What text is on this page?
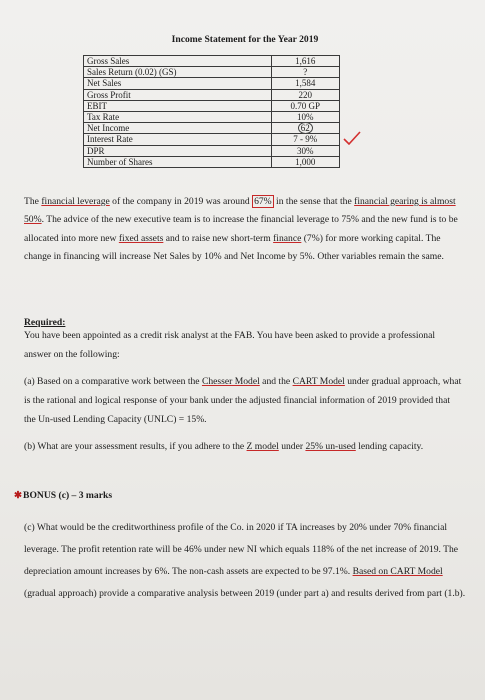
Income Statement for the Year 2019
Gross Sales	1,616
Sales Return (0.02) (GS)	?
Net Sales	1,584
Gross Profit	220
EBIT	0.70 GP
Tax Rate	10%
Net Income	62
Interest Rate	7 - 9%
DPR	30%
Number of Shares	1,000

The financial leverage of the company in 2019 was around 67% in the sense that the financial gearing is almost 50%. The advice of the new executive team is to increase the financial leverage to 75% and the new fund is to be allocated into more new fixed assets and to raise new short-term finance (7%) for more working capital. The change in financing will increase Net Sales by 10% and Net Income by 5%. Other variables remain the same.

Required:

You have been appointed as a credit risk analyst at the FAB. You have been asked to provide a professional answer on the following:

(a) Based on a comparative work between the Chesser Model and the CART Model under gradual approach, what is the rational and logical response of your bank under the adjusted financial information of 2019 provided that the Un-used Lending Capacity (UNLC) = 15%.

(b) What are your assessment results, if you adhere to the Z model under 25% un-used lending capacity.

✱BONUS (c) – 3 marks

(c) What would be the creditworthiness profile of the Co. in 2020 if TA increases by 20% under 70% financial leverage. The profit retention rate will be 46% under new NI which equals 118% of the net increase of 2019. The depreciation amount increases by 6%. The non-cash assets are expected to be 97.1%. Based on CART Model (gradual approach) provide a comparative analysis between 2019 (under part a) and results derived from part (1.b).
